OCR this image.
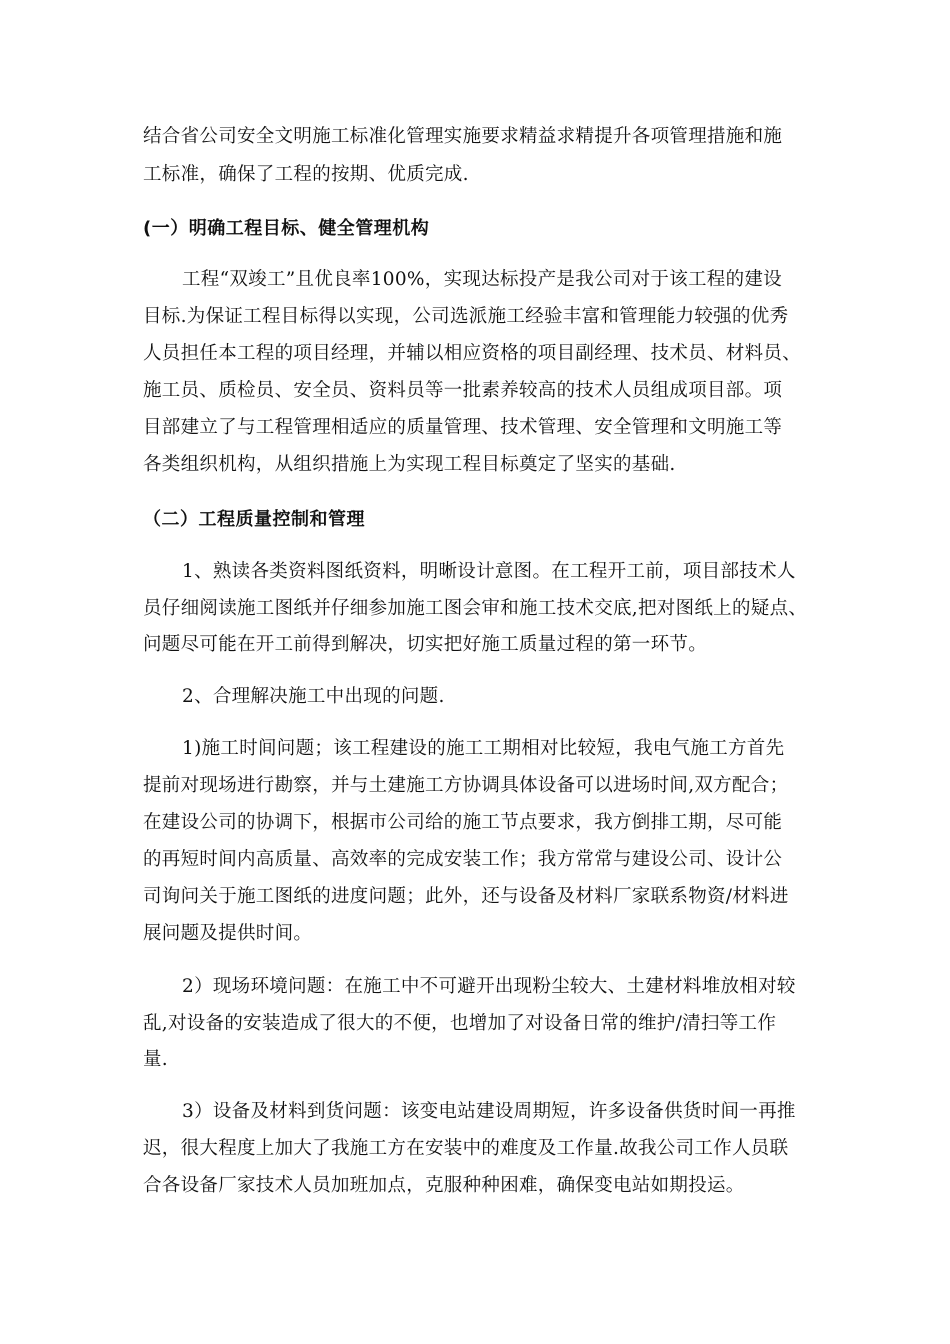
结合省公司安全文明施工标准化管理实施要求精益求精提升各项管理措施和施
工标准，确保了工程的按期、优质完成.
(一）明确工程目标、健全管理机构
工程“双竣工”且优良率100%，实现达标投产是我公司对于该工程的建设
目标.为保证工程目标得以实现，公司选派施工经验丰富和管理能力较强的优秀
人员担任本工程的项目经理，并辅以相应资格的项目副经理、技术员、材料员、
施工员、质检员、安全员、资料员等一批素养较高的技术人员组成项目部。项
目部建立了与工程管理相适应的质量管理、技术管理、安全管理和文明施工等
各类组织机构，从组织措施上为实现工程目标奠定了坚实的基础.
（二）工程质量控制和管理
1、熟读各类资料图纸资料，明晰设计意图。在工程开工前，项目部技术人
员仔细阅读施工图纸并仔细参加施工图会审和施工技术交底,把对图纸上的疑点、
问题尽可能在开工前得到解决，切实把好施工质量过程的第一环节。
2、合理解决施工中出现的问题.
1)施工时间问题；该工程建设的施工工期相对比较短，我电气施工方首先
提前对现场进行勘察，并与土建施工方协调具体设备可以进场时间,双方配合；
在建设公司的协调下，根据市公司给的施工节点要求，我方倒排工期，尽可能
的再短时间内高质量、高效率的完成安装工作；我方常常与建设公司、设计公
司询问关于施工图纸的进度问题；此外，还与设备及材料厂家联系物资/材料进
展问题及提供时间。
2）现场环境问题：在施工中不可避开出现粉尘较大、土建材料堆放相对较
乱,对设备的安装造成了很大的不便，也增加了对设备日常的维护/清扫等工作
量.
3）设备及材料到货问题：该变电站建设周期短，许多设备供货时间一再推
迟，很大程度上加大了我施工方在安装中的难度及工作量.故我公司工作人员联
合各设备厂家技术人员加班加点，克服种种困难，确保变电站如期投运。
